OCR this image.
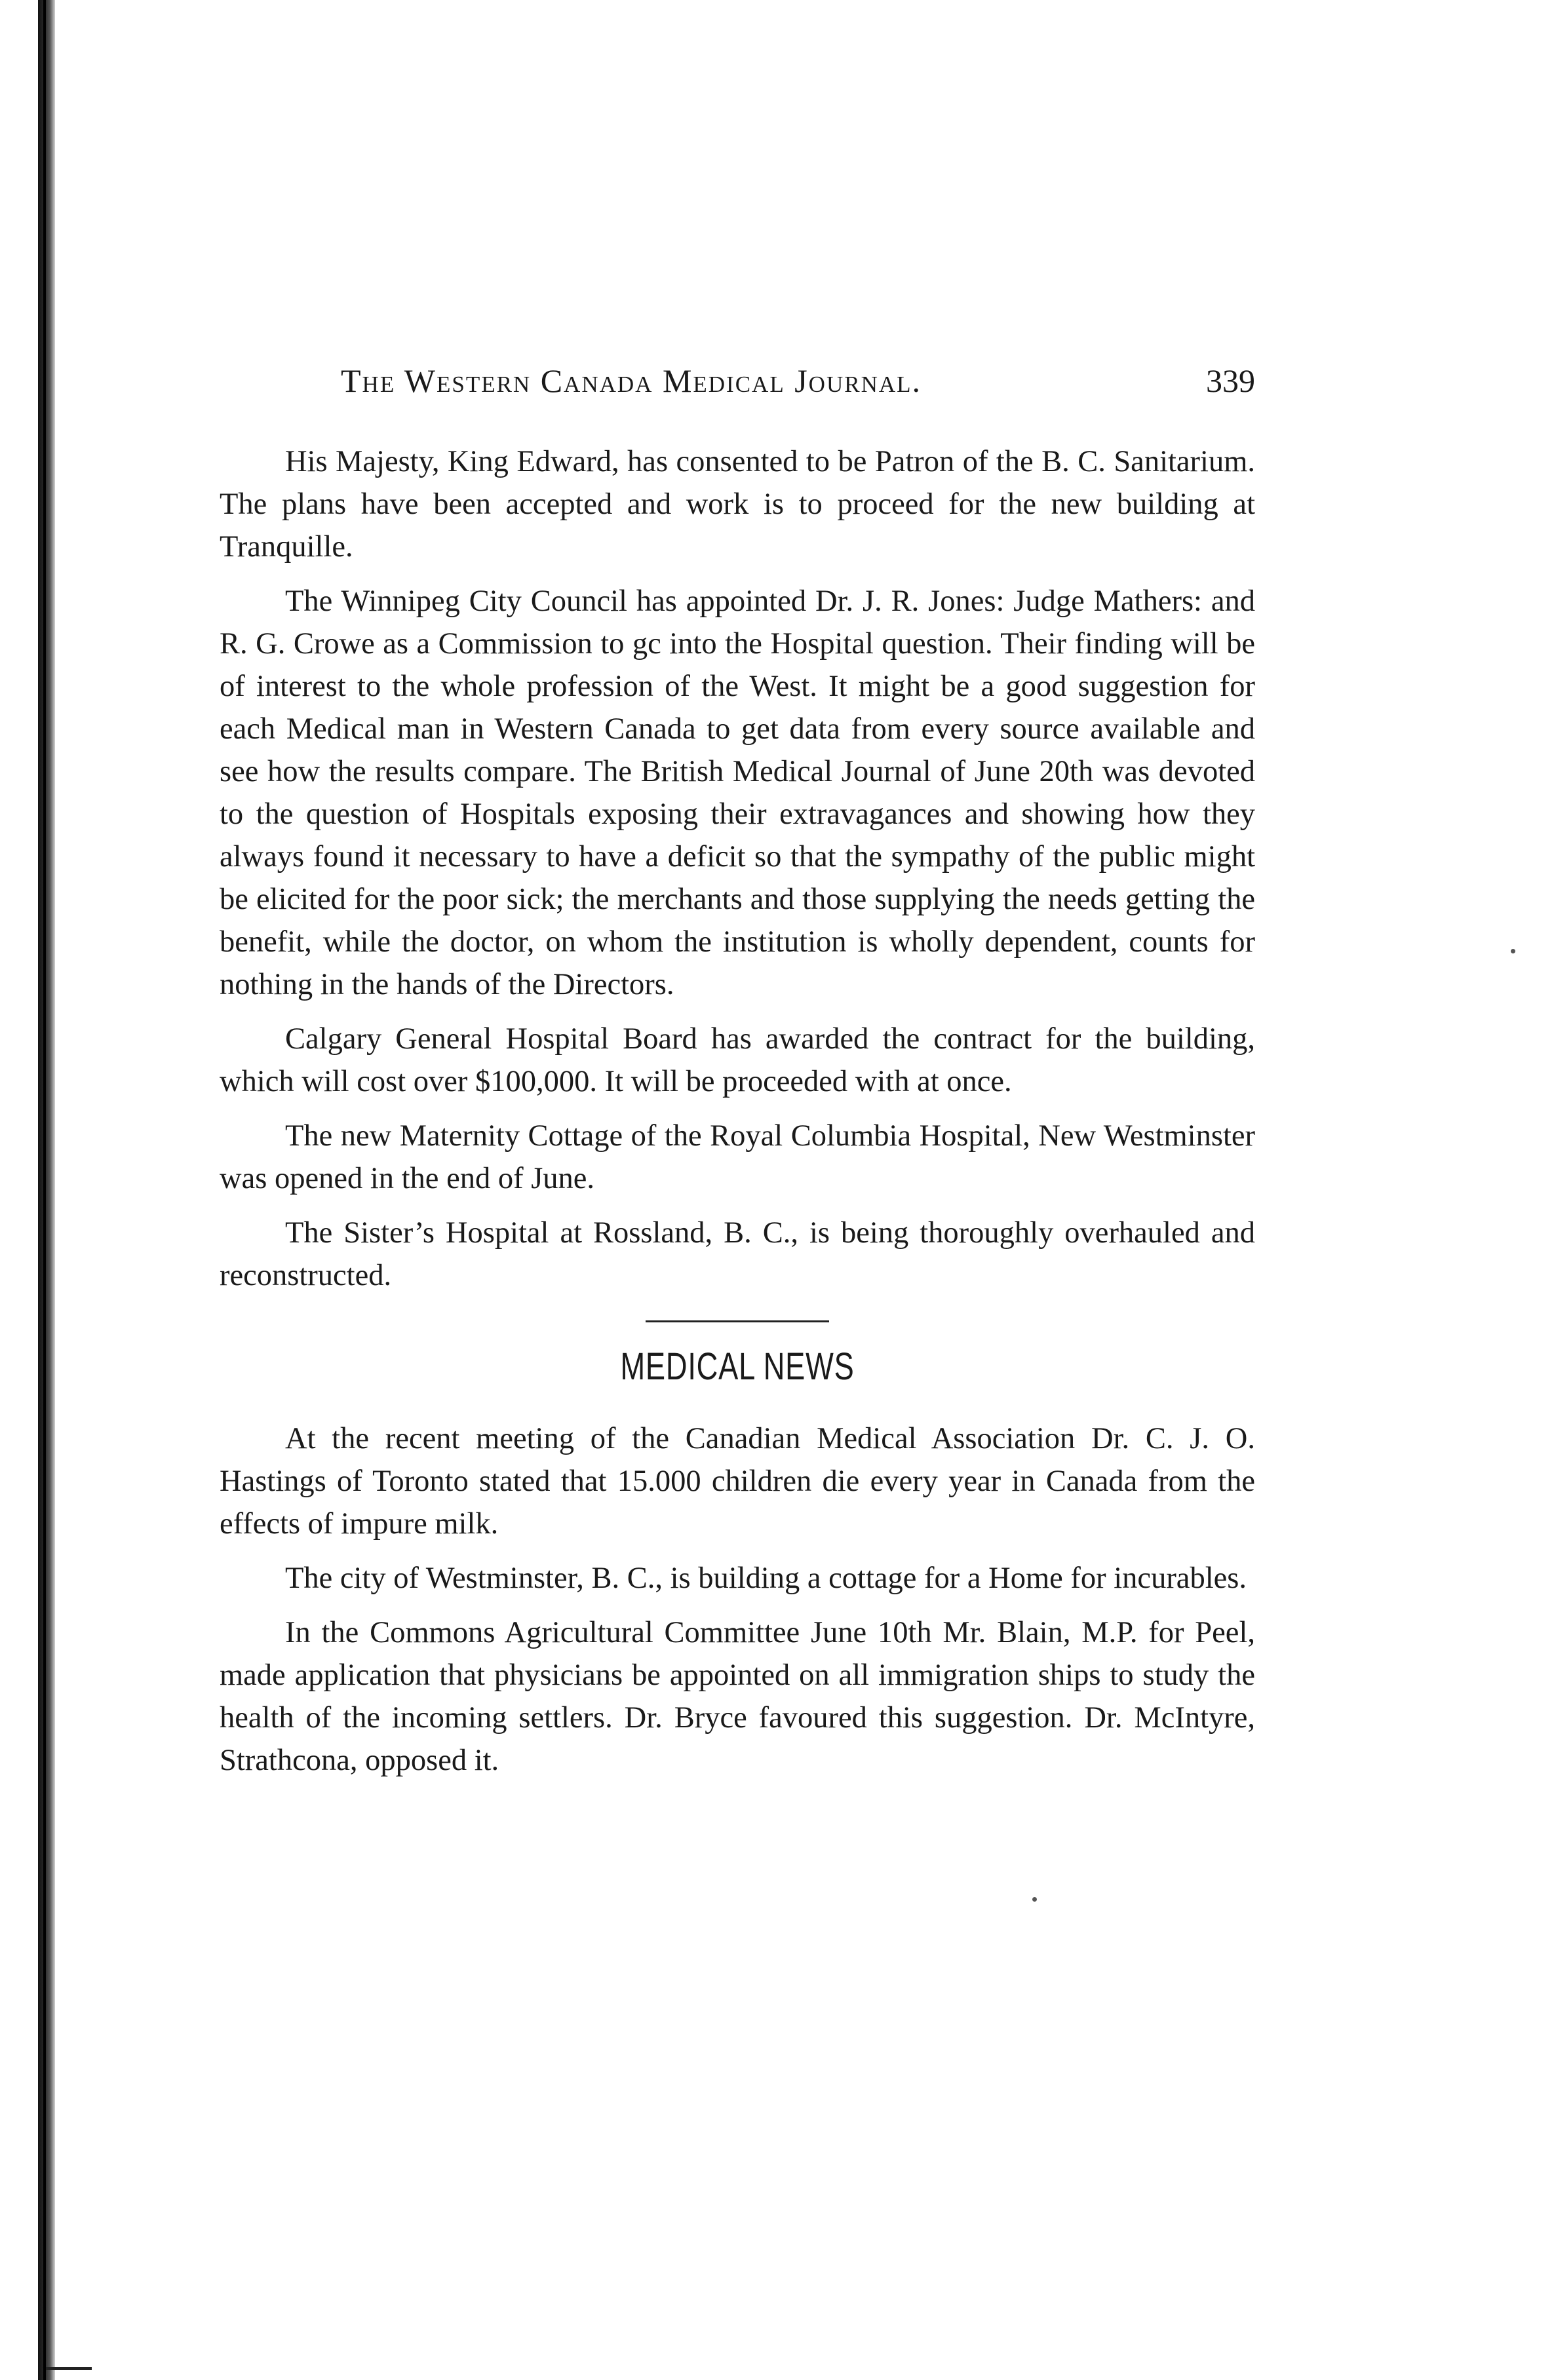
The Western Canada Medical Journal.	339

His Majesty, King Edward, has consented to be Patron of the B. C. Sanitarium. The plans have been accepted and work is to proceed for the new building at Tranquille.

The Winnipeg City Council has appointed Dr. J. R. Jones: Judge Mathers: and R. G. Crowe as a Commission to gc into the Hospital question. Their finding will be of interest to the whole profession of the West. It might be a good suggestion for each Medical man in Western Canada to get data from every source available and see how the results compare. The British Medical Journal of June 20th was devoted to the question of Hospitals exposing their extravagances and showing how they always found it necessary to have a deficit so that the sympathy of the public might be elicited for the poor sick; the merchants and those supplying the needs getting the benefit, while the doctor, on whom the institution is wholly dependent, counts for nothing in the hands of the Directors.

Calgary General Hospital Board has awarded the contract for the building, which will cost over $100,000. It will be proceeded with at once.

The new Maternity Cottage of the Royal Columbia Hospital, New Westminster was opened in the end of June.

The Sister’s Hospital at Rossland, B. C., is being thoroughly overhauled and reconstructed.

MEDICAL NEWS

At the recent meeting of the Canadian Medical Association Dr. C. J. O. Hastings of Toronto stated that 15.000 children die every year in Canada from the effects of impure milk.

The city of Westminster, B. C., is building a cottage for a Home for incurables.

In the Commons Agricultural Committee June 10th Mr. Blain, M.P. for Peel, made application that physicians be appointed on all immigration ships to study the health of the incoming settlers. Dr. Bryce favoured this suggestion. Dr. McIntyre, Strathcona, opposed it.
